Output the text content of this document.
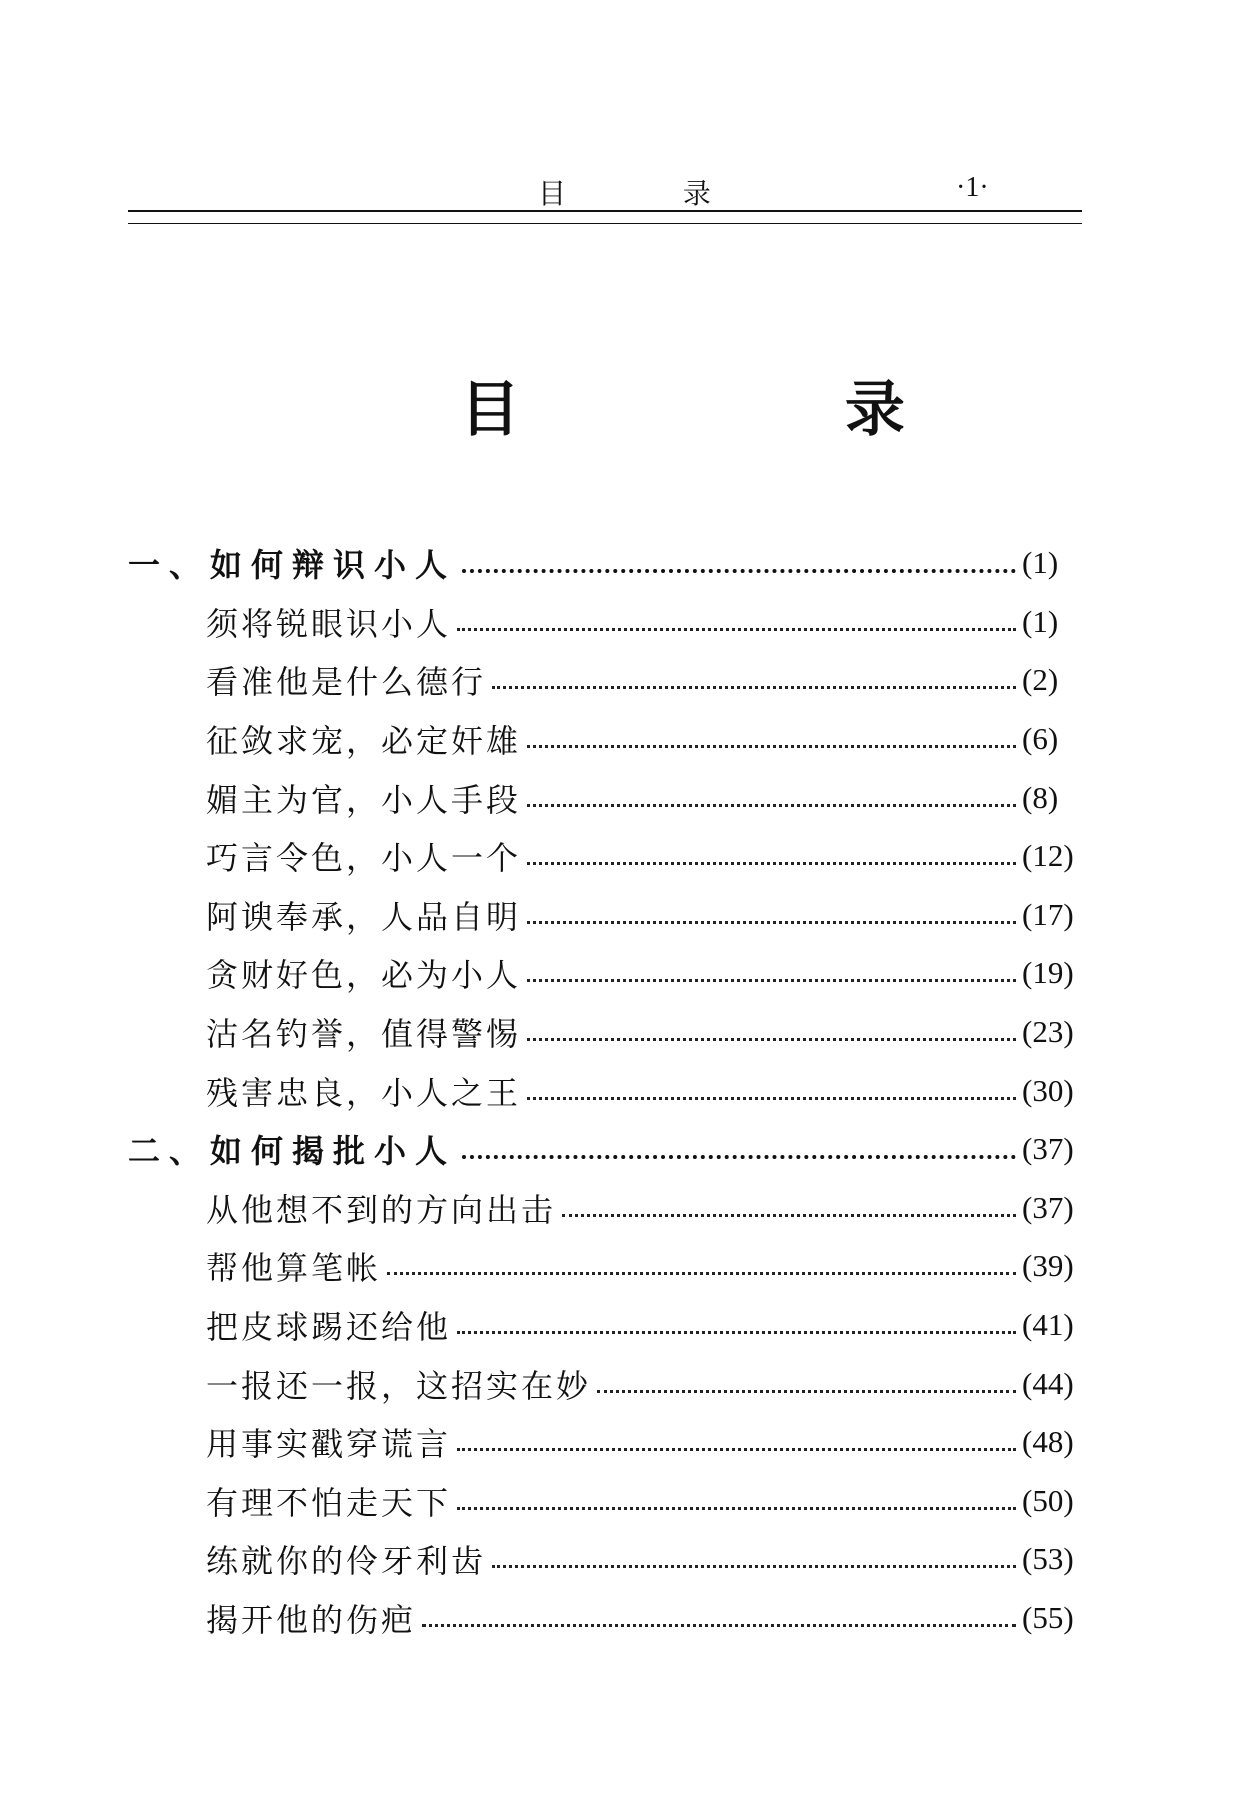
目 录	·1·
目 录
一、如何辩识小人	(1)
须将锐眼识小人	(1)
看准他是什么德行	(2)
征敛求宠，必定奸雄	(6)
媚主为官，小人手段	(8)
巧言令色，小人一个	(12)
阿谀奉承，人品自明	(17)
贪财好色，必为小人	(19)
沽名钓誉，值得警惕	(23)
残害忠良，小人之王	(30)
二、如何揭批小人	(37)
从他想不到的方向出击	(37)
帮他算笔帐	(39)
把皮球踢还给他	(41)
一报还一报，这招实在妙	(44)
用事实戳穿谎言	(48)
有理不怕走天下	(50)
练就你的伶牙利齿	(53)
揭开他的伤疤	(55)
